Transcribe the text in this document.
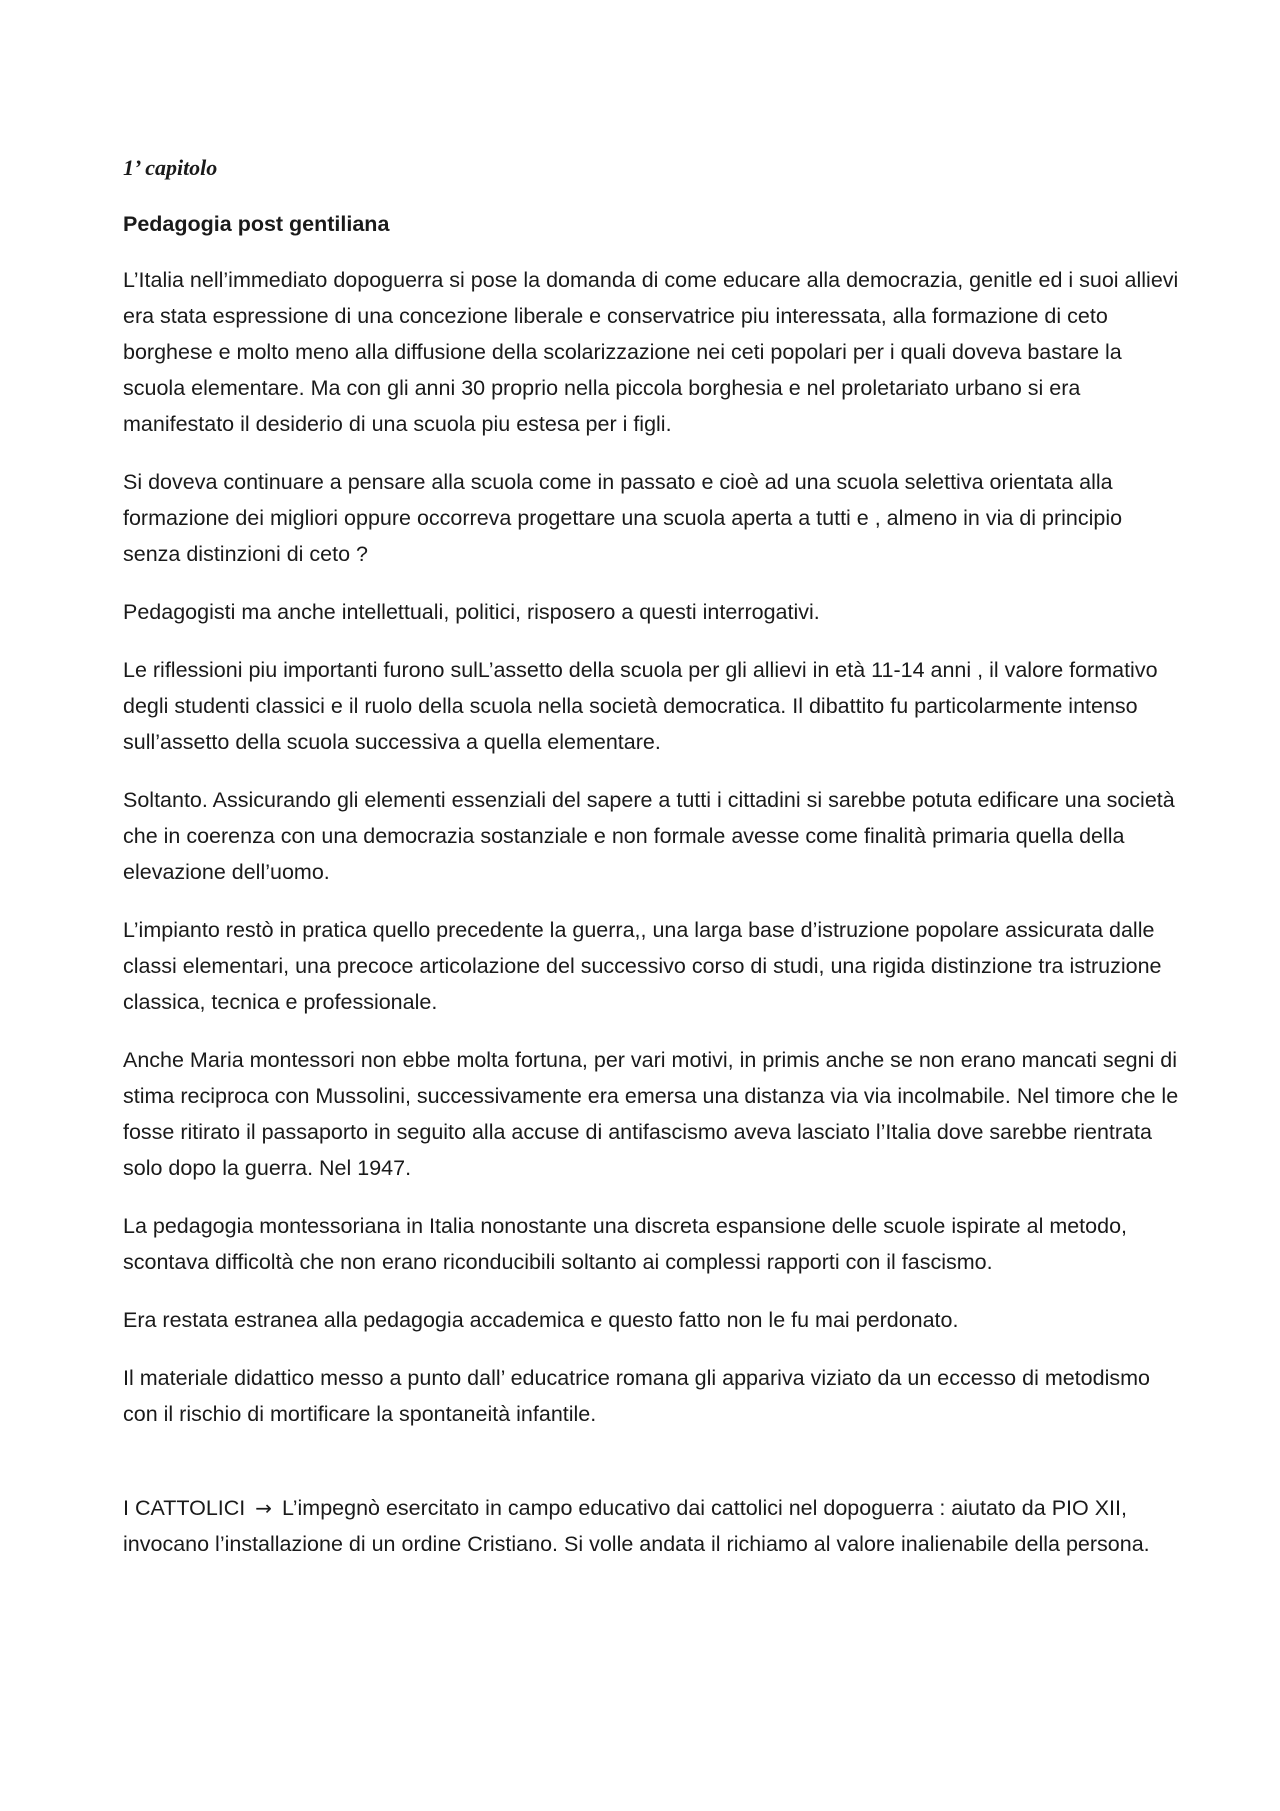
1’ capitolo
Pedagogia post gentiliana

L’Italia nell’immediato dopoguerra si pose la domanda di come educare alla democrazia, genitle ed i suoi allievi era stata espressione di una concezione liberale e conservatrice piu interessata, alla formazione di ceto borghese e molto meno alla diffusione della scolarizzazione nei ceti popolari per i quali doveva bastare la scuola elementare. Ma con gli anni 30 proprio nella piccola borghesia e nel proletariato urbano si era manifestato il desiderio di una scuola piu estesa per i figli.

Si doveva continuare a pensare alla scuola come in passato e cioè ad una scuola selettiva orientata alla formazione dei migliori oppure occorreva progettare una scuola aperta a tutti e , almeno in via di principio senza distinzioni di ceto ?

Pedagogisti ma anche intellettuali, politici, risposero a questi interrogativi.

Le riflessioni piu importanti furono sulL’assetto della scuola per gli allievi in età 11-14 anni , il valore formativo degli studenti classici e il ruolo della scuola nella società democratica. Il dibattito fu particolarmente intenso sull’assetto della scuola successiva a quella elementare.

Soltanto. Assicurando gli elementi essenziali del sapere a tutti i cittadini si sarebbe potuta edificare una società che in coerenza con una democrazia sostanziale e non formale avesse come finalità primaria quella della elevazione dell’uomo.

L’impianto restò in pratica quello precedente la guerra,, una larga base d’istruzione popolare assicurata dalle classi elementari, una precoce articolazione del successivo corso di studi, una rigida distinzione tra istruzione classica, tecnica e professionale.

Anche Maria montessori non ebbe molta fortuna, per vari motivi, in primis anche se non erano mancati segni di stima reciproca con Mussolini, successivamente era emersa una distanza via via incolmabile. Nel timore che le fosse ritirato il passaporto in seguito alla accuse di antifascismo aveva lasciato l’Italia dove sarebbe rientrata solo dopo la guerra. Nel 1947.

La pedagogia montessoriana in Italia nonostante una discreta espansione delle scuole ispirate al metodo, scontava difficoltà che non erano riconducibili soltanto ai complessi rapporti con il fascismo.

Era restata estranea alla pedagogia accademica e questo fatto non le fu mai perdonato.

Il materiale didattico messo a punto dall’ educatrice romana gli appariva viziato da un eccesso di metodismo con il rischio di mortificare la spontaneità infantile.

I CATTOLICI → L’impegnò esercitato in campo educativo dai cattolici nel dopoguerra : aiutato da PIO XII, invocano l’installazione di un ordine Cristiano. Si volle andata il richiamo al valore inalienabile della persona.
